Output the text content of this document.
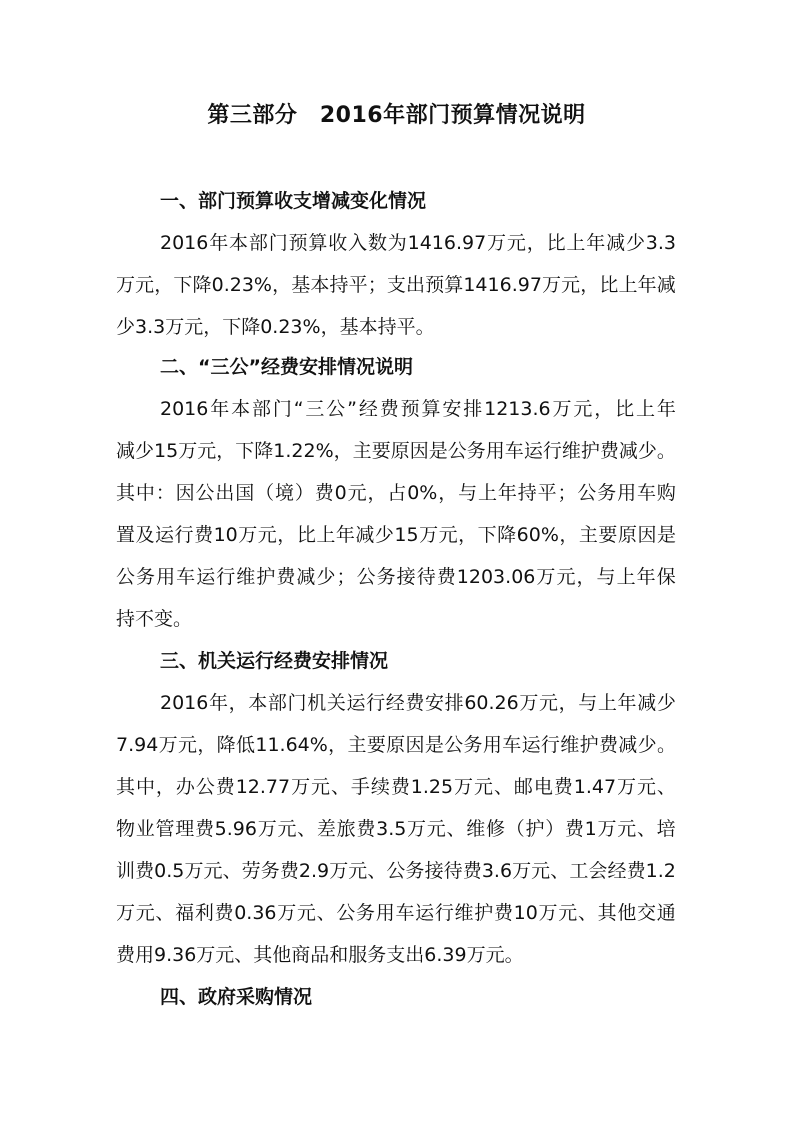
第三部分　2016年部门预算情况说明
一、部门预算收支增减变化情况

2016 年 本 部 门 预 算 收 入 数 为 1416.97 万 元 ， 比 上 年 减 少 3.3

万 元 ， 下 降 0.23% ， 基 本 持 平 ； 支 出 预 算 1416.97 万 元 ， 比 上 年 减

少3.3万元，下降0.23%，基本持平。

二、“三公”经费安排情况说明

2016 年 本 部 门 “ 三 公 ” 经 费 预 算 安 排 1213.6 万 元 ， 比 上 年

减 少 15 万 元 ， 下 降 1.22% ， 主 要 原 因 是 公 务 用 车 运 行 维 护 费 减 少 。

其 中 ： 因 公 出 国 （ 境 ） 费 0 元 ， 占 0% ， 与 上 年 持 平 ； 公 务 用 车 购

置 及 运 行 费 10 万 元 ， 比 上 年 减 少 15 万 元 ， 下 降 60% ， 主 要 原 因 是

公 务 用 车 运 行 维 护 费 减 少 ； 公 务 接 待 费 1203.06 万 元 ， 与 上 年 保

持不变。

三、机关运行经费安排情况

2016 年 ， 本 部 门 机 关 运 行 经 费 安 排 60.26 万 元 ， 与 上 年 减 少

7.94 万 元 ， 降 低 11.64% ， 主 要 原 因 是 公 务 用 车 运 行 维 护 费 减 少 。

其 中 ， 办 公 费 12.77 万 元 、 手 续 费 1.25 万 元 、 邮 电 费 1.47 万 元 、

物 业 管 理 费 5.96 万 元 、 差 旅 费 3.5 万 元 、 维 修 （ 护 ） 费 1 万 元 、 培

训 费 0.5 万 元 、 劳 务 费 2.9 万 元 、 公 务 接 待 费 3.6 万 元 、 工 会 经 费 1.2

万 元 、 福 利 费 0.36 万 元 、 公 务 用 车 运 行 维 护 费 10 万 元 、 其 他 交 通

费用9.36万元、其他商品和服务支出6.39万元。

四、政府采购情况
